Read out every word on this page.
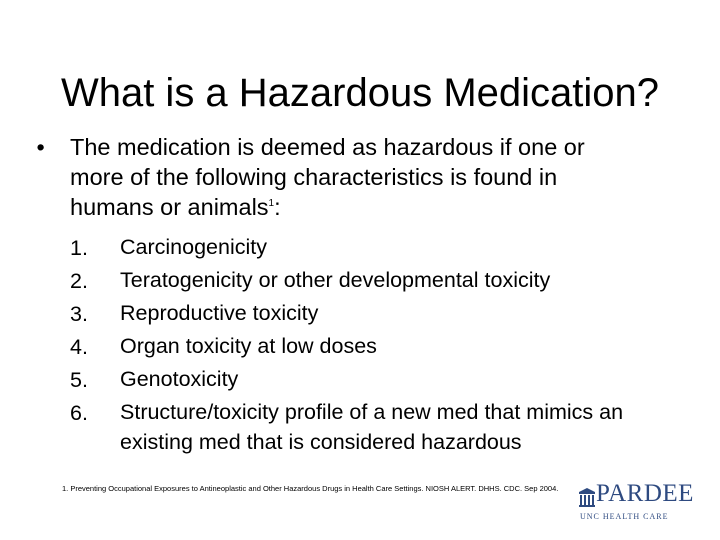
What is a Hazardous Medication?
•	The medication is deemed as hazardous if one or
more of the following characteristics is found in
humans or animals$^1$:
1.	Carcinogenicity
2.	Teratogenicity or other developmental toxicity
3.	Reproductive toxicity
4.	Organ toxicity at low doses
5.	Genotoxicity
6.	Structure/toxicity profile of a new med that mimics an existing med that is considered hazardous
1. Preventing Occupational Exposures to Antineoplastic and Other Hazardous Drugs in Health Care Settings. NIOSH ALERT. DHHS. CDC. Sep 2004. PARDEE
UNC HEALTH CARE
